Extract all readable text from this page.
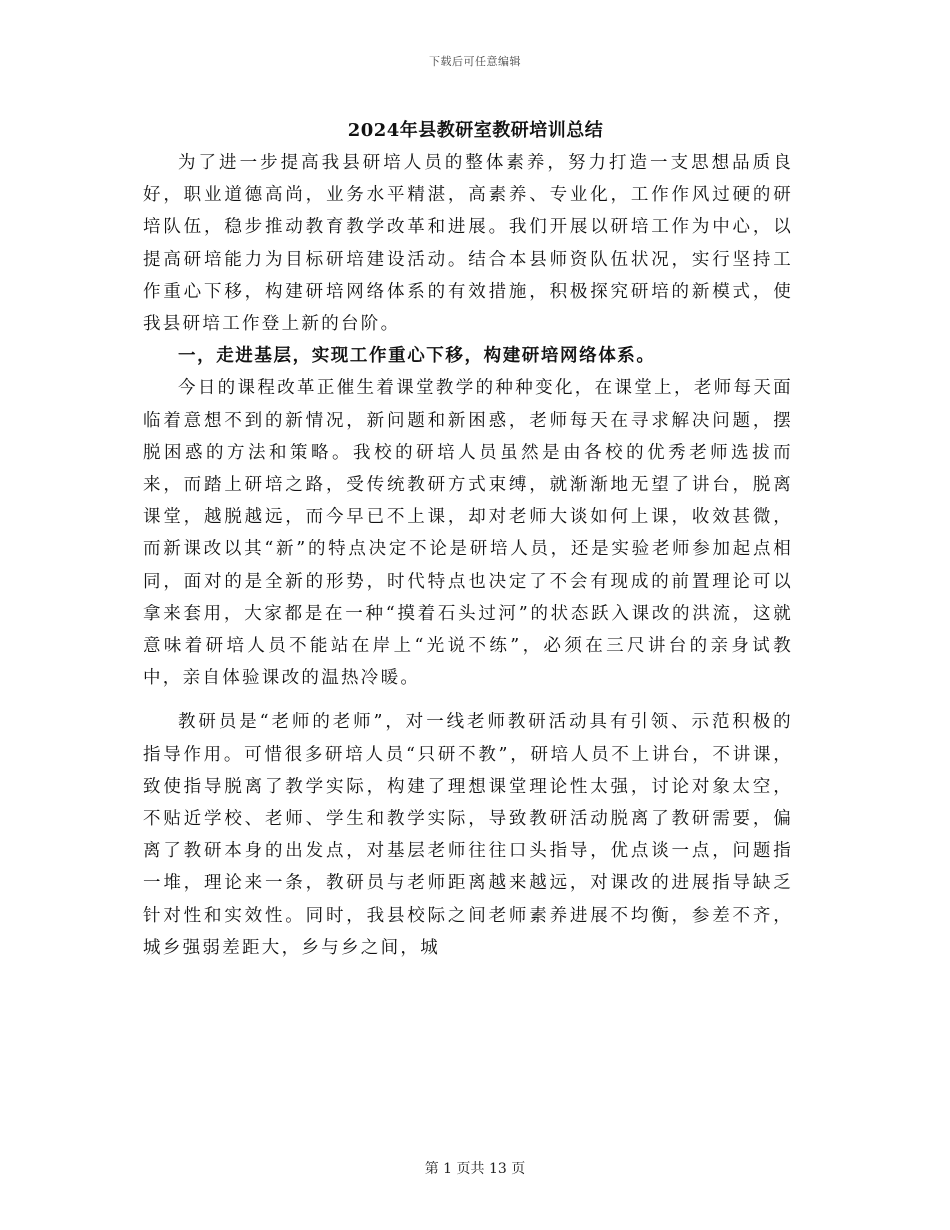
下载后可任意编辑
2024年县教研室教研培训总结

为了进一步提高我县研培人员的整体素养，努力打造一支思想品质良好，职业道德高尚，业务水平精湛，高素养、专业化，工作作风过硬的研培队伍，稳步推动教育教学改革和进展。我们开展以研培工作为中心，以提高研培能力为目标研培建设活动。结合本县师资队伍状况，实行坚持工作重心下移，构建研培网络体系的有效措施，积极探究研培的新模式，使我县研培工作登上新的台阶。

一，走进基层，实现工作重心下移，构建研培网络体系。

今日的课程改革正催生着课堂教学的种种变化，在课堂上，老师每天面临着意想不到的新情况，新问题和新困惑，老师每天在寻求解决问题，摆脱困惑的方法和策略。我校的研培人员虽然是由各校的优秀老师选拔而来，而踏上研培之路，受传统教研方式束缚，就渐渐地无望了讲台，脱离课堂，越脱越远，而今早已不上课，却对老师大谈如何上课，收效甚微，而新课改以其“新”的特点决定不论是研培人员，还是实验老师参加起点相同，面对的是全新的形势，时代特点也决定了不会有现成的前置理论可以拿来套用，大家都是在一种“摸着石头过河”的状态跃入课改的洪流，这就意味着研培人员不能站在岸上“光说不练”，必须在三尺讲台的亲身试教中，亲自体验课改的温热冷暖。

教研员是“老师的老师”，对一线老师教研活动具有引领、示范积极的指导作用。可惜很多研培人员“只研不教”，研培人员不上讲台，不讲课，致使指导脱离了教学实际，构建了理想课堂理论性太强，讨论对象太空，不贴近学校、老师、学生和教学实际，导致教研活动脱离了教研需要，偏离了教研本身的出发点，对基层老师往往口头指导，优点谈一点，问题指一堆，理论来一条，教研员与老师距离越来越远，对课改的进展指导缺乏针对性和实效性。同时，我县校际之间老师素养进展不均衡，参差不齐，城乡强弱差距大，乡与乡之间，城

第 1 页共 13 页
